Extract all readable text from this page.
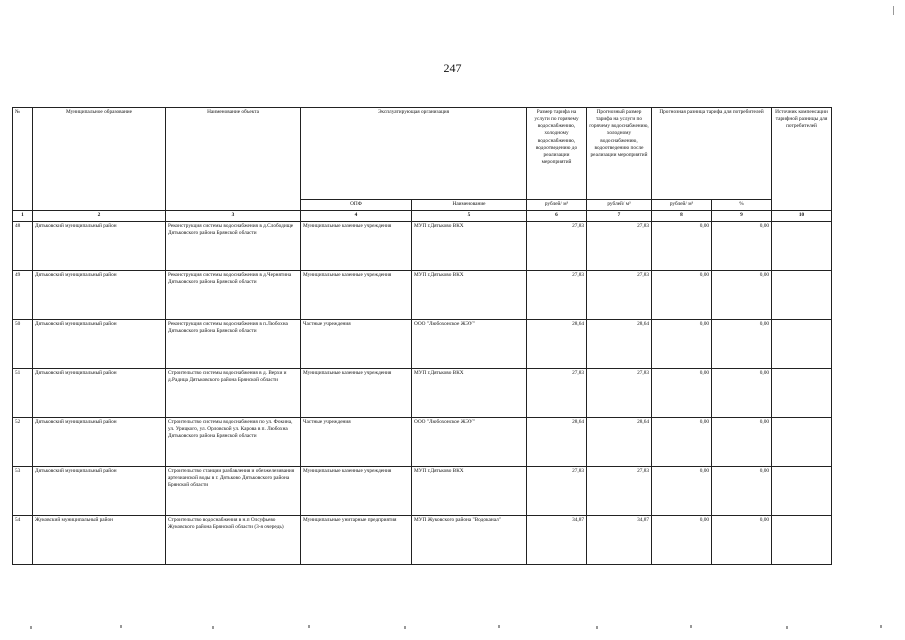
247
№	Муниципальное образование	Наименование объекта	Эксплуатирующая организация		Размер тарифа на услуги по горячему водоснабжению, холодному водоснабжению, водоотведению до реализации мероприятий	Прогнозный размер тарифа на услуги по горячему водоснабжению, холодному водоснабжению, водоотведению после реализации мероприятий	Прогнозная разница тарифа для потребителей		Источник компенсации тарифной разницы для потребителей
			ОПФ	Наименование	рублей/ м³	рублей/ м³	рублей/ м³	%	
1	2	3	4	5	6	7	8	9	10
48	Дятьковский муниципальный район	Реконструкция системы водоснабжения в д.Слободище Дятьковского района Брянской области	Муниципальные казенные учреждения	МУП г.Дятьково ВКХ	27,83	27,83	0,00	0,00	
49	Дятьковский муниципальный район	Реконструкция системы водоснабжения в д.Чернятина Дятьковского района Брянской области	Муниципальные казенные учреждения	МУП г.Дятьково ВКХ	27,83	27,83	0,00	0,00	
50	Дятьковский муниципальный район	Реконструкция системы водоснабжения в п.Любохна Дятьковского района Брянской области	Частные учреждения	ООО "Любохонское ЖЭУ"	28,64	28,64	0,00	0,00	
51	Дятьковский муниципальный район	Строительство системы водоснабжения в д. Верхи и д.Радица Дятьковского района Брянской области	Муниципальные казенные учреждения	МУП г.Дятьково ВКХ	27,83	27,83	0,00	0,00	
52	Дятьковский муниципальный район	Строительство системы водоснабжения по ул. Фокина, ул. Урицкого, ул. Орловской ул. Карова в п. Любохна Дятьковского района Брянской области	Частные учреждения	ООО "Любохонское ЖЭУ"	28,64	28,64	0,00	0,00	
53	Дятьковский муниципальный район	Строительство станции разбавления и обезжелезивания артезианской воды в г. Дятьково Дятьковского района Брянской области	Муниципальные казенные учреждения	МУП г.Дятьково ВКХ	27,83	27,83	0,00	0,00	
54	Жуковский муниципальный район	Строительство водоснабжения в н.п Олсуфьево Жуковского района Брянской области (3-я очередь)	Муниципальные унитарные предприятия	МУП Жуковского района "Водоканал"	34,87	34,87	0,00	0,00	
